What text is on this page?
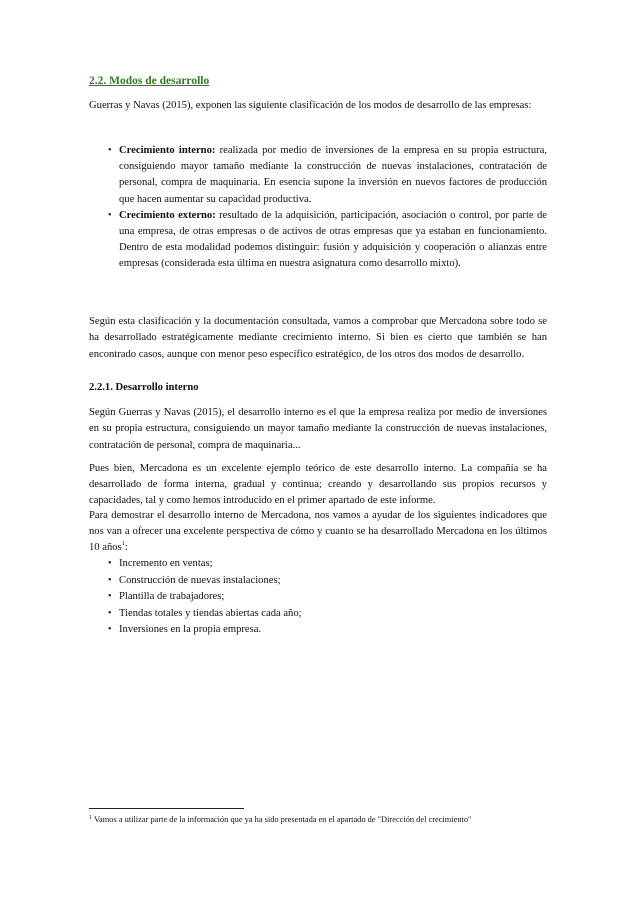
2.2. Modos de desarrollo

Guerras y Navas (2015), exponen las siguiente clasificación de los modos de desarrollo de las empresas:

• Crecimiento interno: realizada por medio de inversiones de la empresa en su propia estructura, consiguiendo mayor tamaño mediante la construcción de nuevas instalaciones, contratación de personal, compra de maquinaria. En esencia supone la inversión en nuevos factores de producción que hacen aumentar su capacidad productiva.
• Crecimiento externo: resultado de la adquisición, participación, asociación o control, por parte de una empresa, de otras empresas o de activos de otras empresas que ya estaban en funcionamiento. Dentro de esta modalidad podemos distinguir: fusión y adquisición y cooperación o alianzas entre empresas (considerada esta última en nuestra asignatura como desarrollo mixto).

Según esta clasificación y la documentación consultada, vamos a comprobar que Mercadona sobre todo se ha desarrollado estratégicamente mediante crecimiento interno. Si bien es cierto que también se han encontrado casos, aunque con menor peso específico estratégico, de los otros dos modos de desarrollo.

2.2.1. Desarrollo interno

Según Guerras y Navas (2015), el desarrollo interno es el que la empresa realiza por medio de inversiones en su propia estructura, consiguiendo un mayor tamaño mediante la construcción de nuevas instalaciones, contratación de personal, compra de maquinaria...

Pues bien, Mercadona es un excelente ejemplo teórico de este desarrollo interno. La compañía se ha desarrollado de forma interna, gradual y continua; creando y desarrollando sus propios recursos y capacidades, tal y como hemos introducido en el primer apartado de este informe.

Para demostrar el desarrollo interno de Mercadona, nos vamos a ayudar de los siguientes indicadores que nos van a ofrecer una excelente perspectiva de cómo y cuanto se ha desarrollado Mercadona en los últimos 10 años$^1$:

• Incremento en ventas;
• Construcción de nuevas instalaciones;
• Plantilla de trabajadores;
• Tiendas totales y tiendas abiertas cada año;
• Inversiones en la propia empresa.
$^1$ Vamos a utilizar parte de la información que ya ha sido presentada en el apartado de "Dirección del crecimiento"
